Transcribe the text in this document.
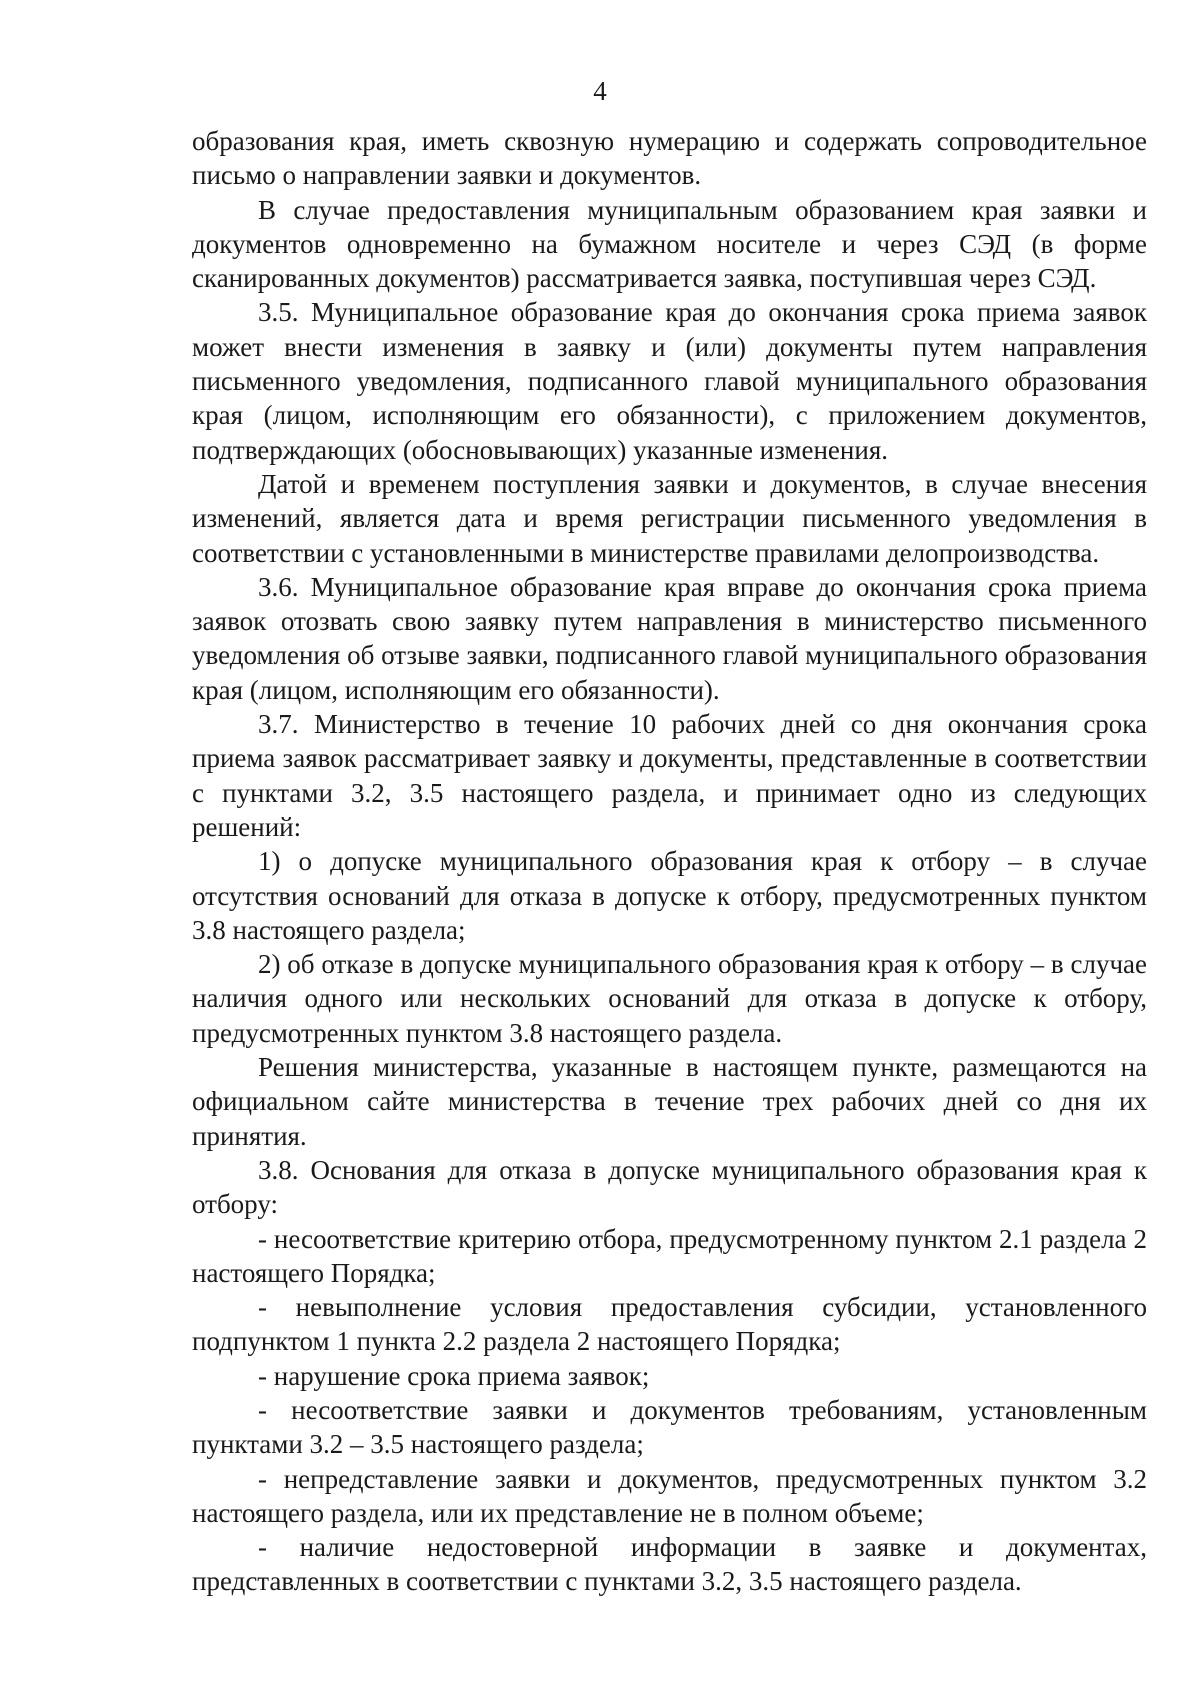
4

образования края, иметь сквозную нумерацию и содержать сопроводительное письмо о направлении заявки и документов.

В случае предоставления муниципальным образованием края заявки и документов одновременно на бумажном носителе и через СЭД (в форме сканированных документов) рассматривается заявка, поступившая через СЭД.

3.5. Муниципальное образование края до окончания срока приема заявок может внести изменения в заявку и (или) документы путем направления письменного уведомления, подписанного главой муниципального образования края (лицом, исполняющим его обязанности), с приложением документов, подтверждающих (обосновывающих) указанные изменения.

Датой и временем поступления заявки и документов, в случае внесения изменений, является дата и время регистрации письменного уведомления в соответствии с установленными в министерстве правилами делопроизводства.

3.6. Муниципальное образование края вправе до окончания срока приема заявок отозвать свою заявку путем направления в министерство письменного уведомления об отзыве заявки, подписанного главой муниципального образования края (лицом, исполняющим его обязанности).

3.7. Министерство в течение 10 рабочих дней со дня окончания срока приема заявок рассматривает заявку и документы, представленные в соответствии с пунктами 3.2, 3.5 настоящего раздела, и принимает одно из следующих решений:

1) о допуске муниципального образования края к отбору – в случае отсутствия оснований для отказа в допуске к отбору, предусмотренных пунктом 3.8 настоящего раздела;

2) об отказе в допуске муниципального образования края к отбору – в случае наличия одного или нескольких оснований для отказа в допуске к отбору, предусмотренных пунктом 3.8 настоящего раздела.

Решения министерства, указанные в настоящем пункте, размещаются на официальном сайте министерства в течение трех рабочих дней со дня их принятия.

3.8. Основания для отказа в допуске муниципального образования края к отбору:

- несоответствие критерию отбора, предусмотренному пунктом 2.1 раздела 2 настоящего Порядка;

- невыполнение условия предоставления субсидии, установленного подпунктом 1 пункта 2.2 раздела 2 настоящего Порядка;

- нарушение срока приема заявок;

- несоответствие заявки и документов требованиям, установленным пунктами 3.2 – 3.5 настоящего раздела;

- непредставление заявки и документов, предусмотренных пунктом 3.2 настоящего раздела, или их представление не в полном объеме;

- наличие недостоверной информации в заявке и документах, представленных в соответствии с пунктами 3.2, 3.5 настоящего раздела.
